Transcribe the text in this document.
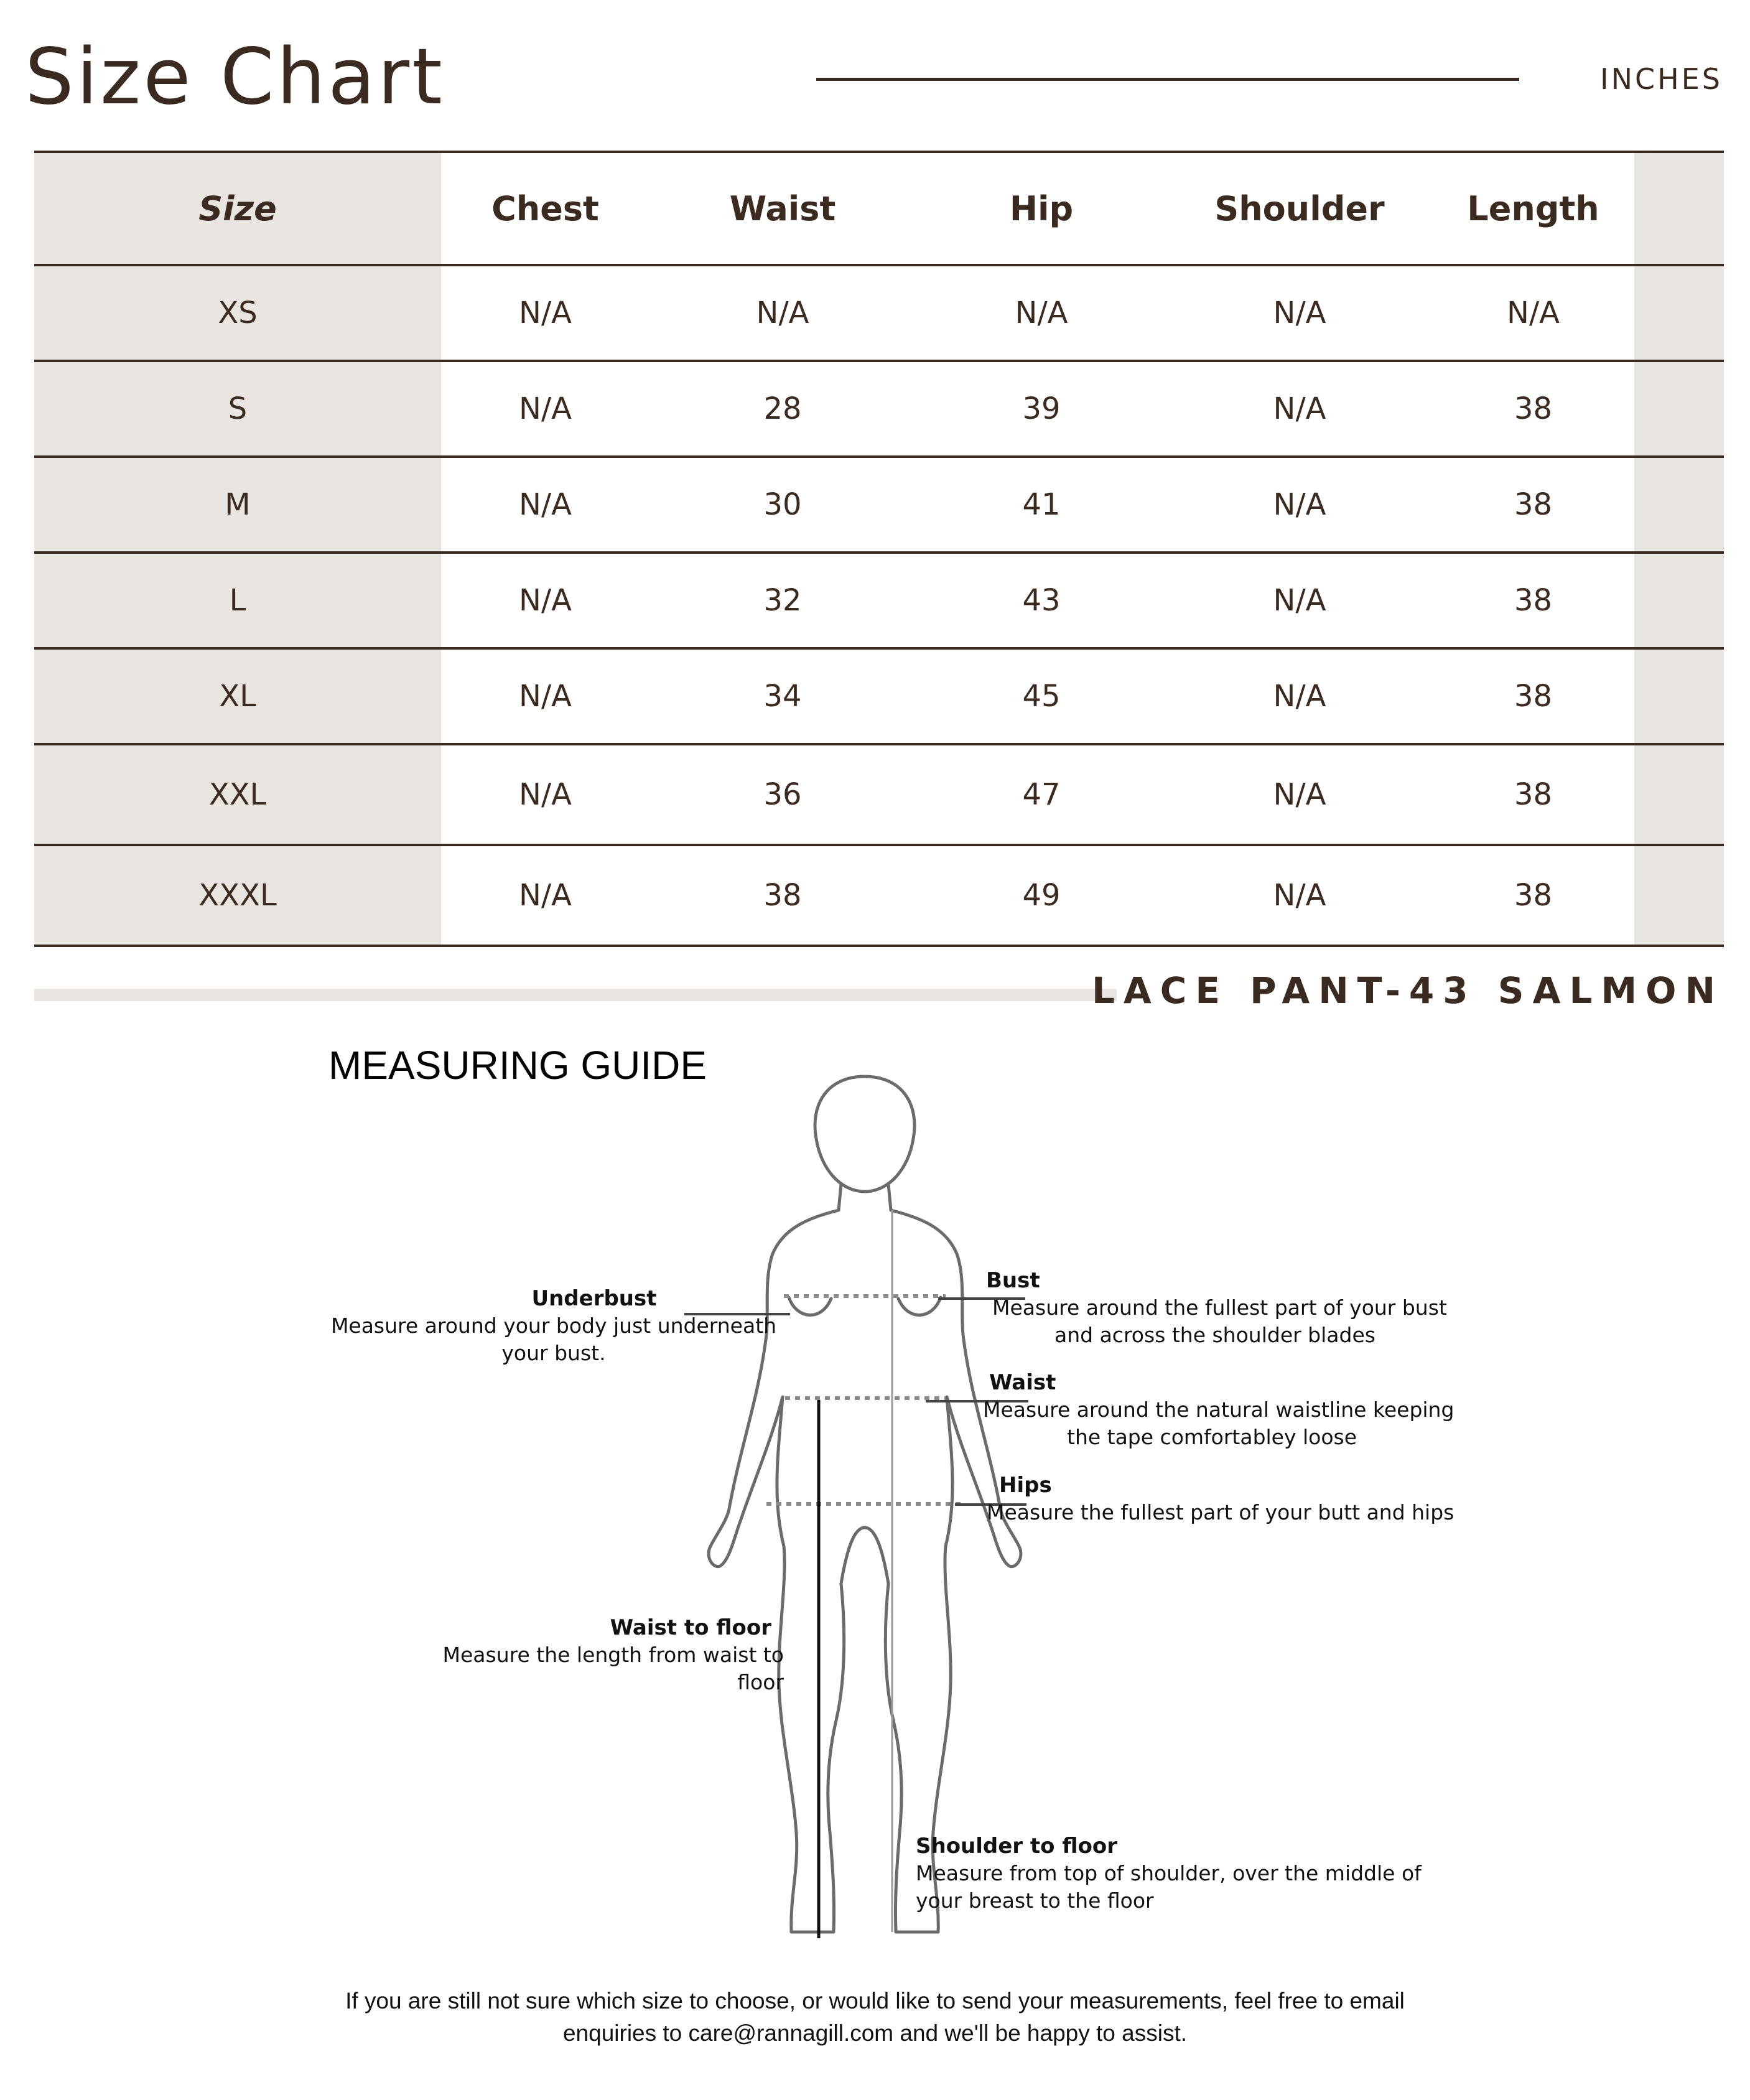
Size Chart	INCHES
Size	Chest	Waist	Hip	Shoulder	Length	
XS	N/A	N/A	N/A	N/A	N/A	
S	N/A	28	39	N/A	38	
M	N/A	30	41	N/A	38	
L	N/A	32	43	N/A	38	
XL	N/A	34	45	N/A	38	
XXL	N/A	36	47	N/A	38	
XXXL	N/A	38	49	N/A	38	
LACE PANT-43 SALMON
MEASURING GUIDE
Underbust
Measure around your body just underneath
your bust.
Bust
Measure around the fullest part of your bust
and across the shoulder blades
Waist
Measure around the natural waistline keeping
the tape comfortabley loose
Hips
Measure the fullest part of your butt and hips
Waist to floor
Measure the length from waist to floor
Shoulder to floor
Measure from top of shoulder, over the middle of
your breast to the floor
If you are still not sure which size to choose, or would like to send your measurements, feel free to email
enquiries to care@rannagill.com and we'll be happy to assist.
